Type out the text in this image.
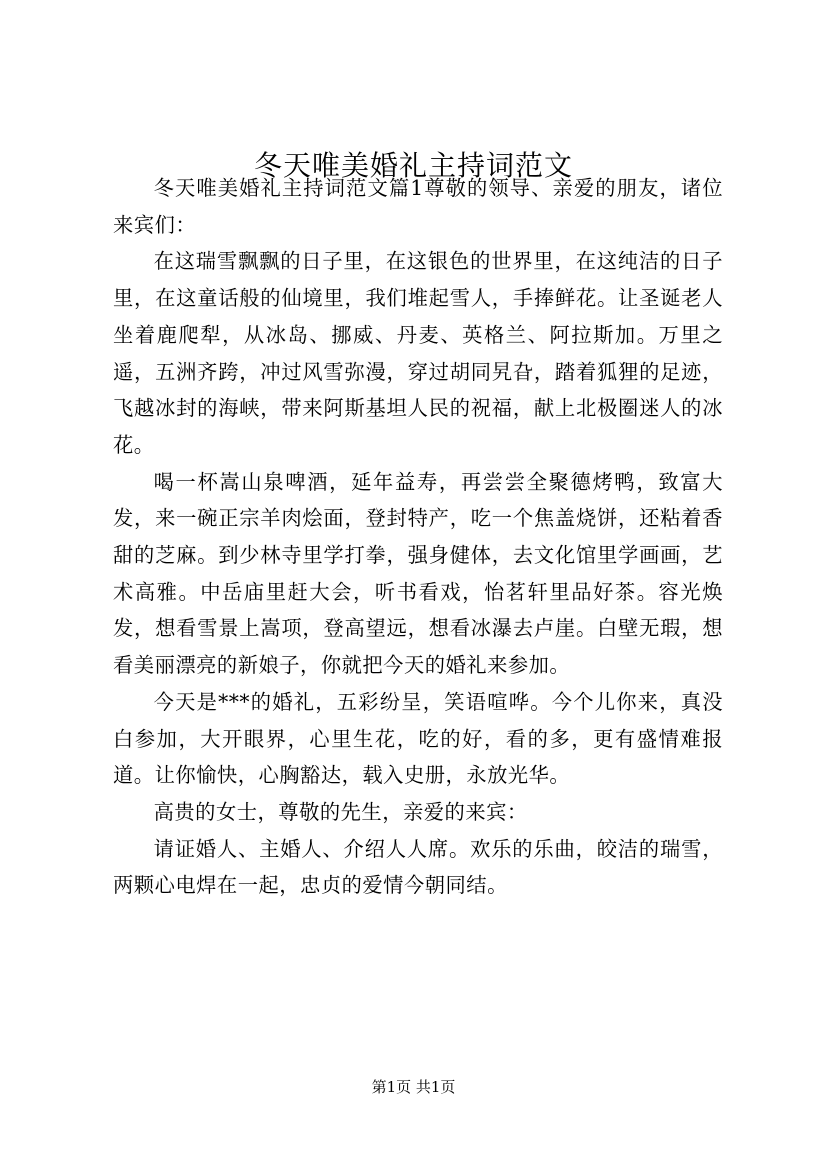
冬天唯美婚礼主持词范文

冬天唯美婚礼主持词范文篇1尊敬的领导、亲爱的朋友，诸位来宾们：

在这瑞雪飘飘的日子里，在这银色的世界里，在这纯洁的日子里，在这童话般的仙境里，我们堆起雪人，手捧鲜花。让圣诞老人坐着鹿爬犁，从冰岛、挪威、丹麦、英格兰、阿拉斯加。万里之遥，五洲齐跨，冲过风雪弥漫，穿过胡同旯旮，踏着狐狸的足迹，飞越冰封的海峡，带来阿斯基坦人民的祝福，献上北极圈迷人的冰花。

喝一杯嵩山泉啤酒，延年益寿，再尝尝全聚德烤鸭，致富大发，来一碗正宗羊肉烩面，登封特产，吃一个焦盖烧饼，还粘着香甜的芝麻。到少林寺里学打拳，强身健体，去文化馆里学画画，艺术高雅。中岳庙里赶大会，听书看戏，怡茗轩里品好茶。容光焕发，想看雪景上嵩项，登高望远，想看冰瀑去卢崖。白壁无瑕，想看美丽漂亮的新娘子，你就把今天的婚礼来参加。

今天是***的婚礼，五彩纷呈，笑语喧哗。今个儿你来，真没白参加，大开眼界，心里生花，吃的好，看的多，更有盛情难报道。让你愉快，心胸豁达，载入史册，永放光华。

高贵的女士，尊敬的先生，亲爱的来宾：

请证婚人、主婚人、介绍人人席。欢乐的乐曲，皎洁的瑞雪，两颗心电焊在一起，忠贞的爱情今朝同结。

第1页 共1页
